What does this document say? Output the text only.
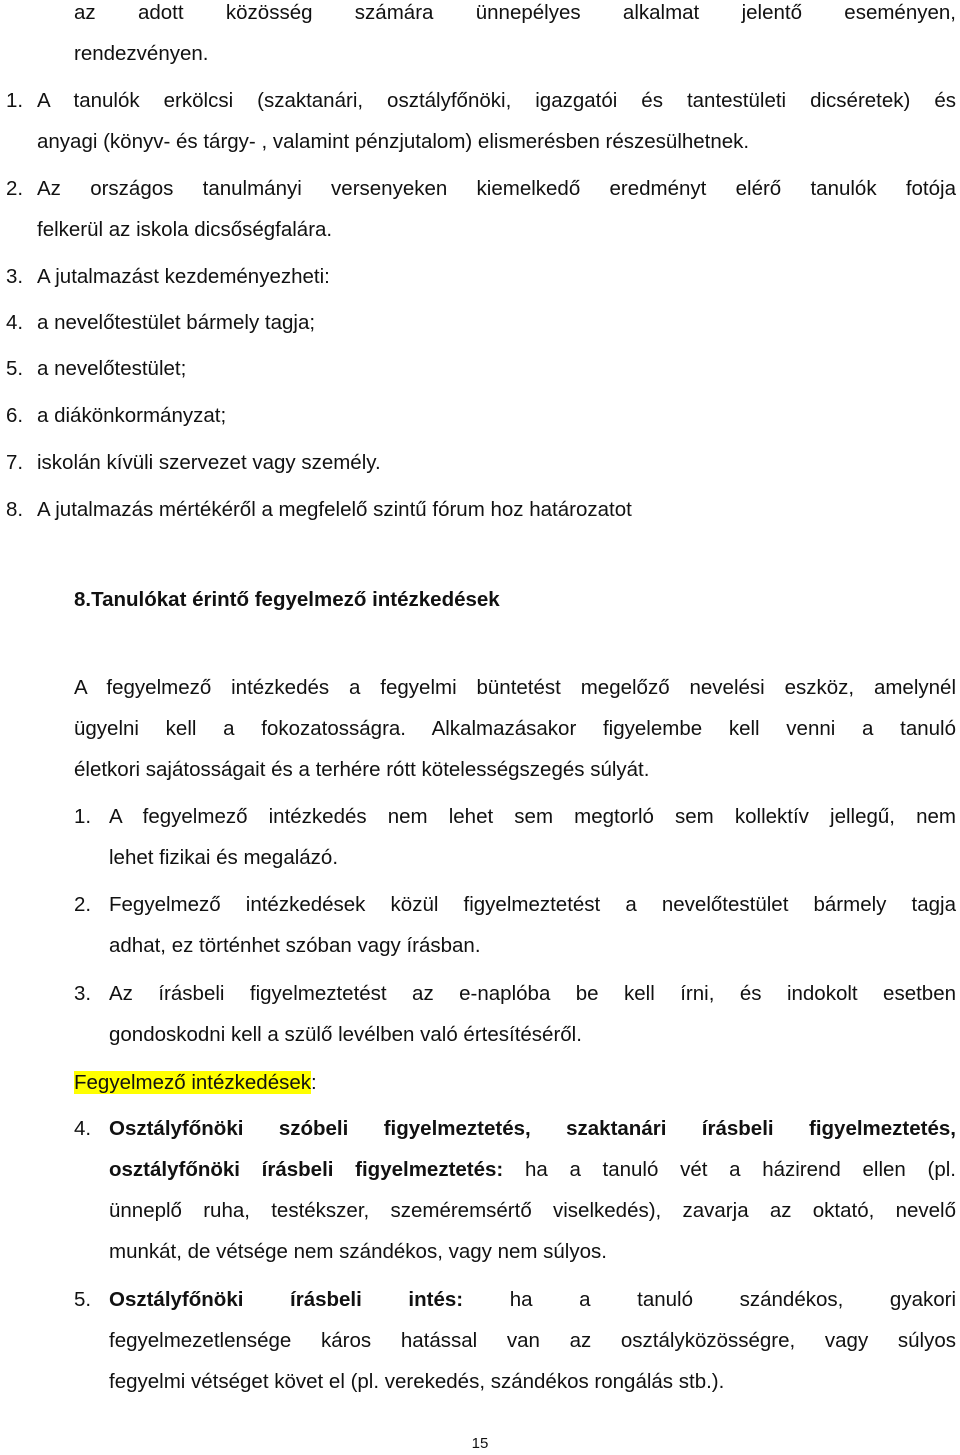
az adott közösség számára ünnepélyes alkalmat jelentő eseményen,
rendezvényen.
1. A tanulók erkölcsi (szaktanári, osztályfőnöki, igazgatói és tantestületi dicséretek) és
anyagi (könyv- és tárgy- , valamint pénzjutalom) elismerésben részesülhetnek.
2. Az országos tanulmányi versenyeken kiemelkedő eredményt elérő tanulók fotója
felkerül az iskola dicsőségfalára.
3. A jutalmazást kezdeményezheti:
4. a nevelőtestület bármely tagja;
5. a nevelőtestület;
6. a diákönkormányzat;
7. iskolán kívüli szervezet vagy személy.
8. A jutalmazás mértékéről a megfelelő szintű fórum hoz határozatot
8.Tanulókat érintő fegyelmező intézkedések
A fegyelmező intézkedés a fegyelmi büntetést megelőző nevelési eszköz, amelynél
ügyelni kell a fokozatosságra. Alkalmazásakor figyelembe kell venni a tanuló
életkori sajátosságait és a terhére rótt kötelességszegés súlyát.
1. A fegyelmező intézkedés nem lehet sem megtorló sem kollektív jellegű, nem
lehet fizikai és megalázó.
2. Fegyelmező intézkedések közül figyelmeztetést a nevelőtestület bármely tagja
adhat, ez történhet szóban vagy írásban.
3. Az írásbeli figyelmeztetést az e-naplóba be kell írni, és indokolt esetben
gondoskodni kell a szülő levélben való értesítéséről.
Fegyelmező intézkedések:
4. Osztályfőnöki szóbeli figyelmeztetés, szaktanári írásbeli figyelmeztetés,
osztályfőnöki írásbeli figyelmeztetés: ha a tanuló vét a házirend ellen (pl.
ünneplő ruha, testékszer, szeméremsértő viselkedés), zavarja az oktató, nevelő
munkát, de vétsége nem szándékos, vagy nem súlyos.
5. Osztályfőnöki írásbeli intés: ha a tanuló szándékos, gyakori
fegyelmezetlensége káros hatással van az osztályközösségre, vagy súlyos
fegyelmi vétséget követ el (pl. verekedés, szándékos rongálás stb.).
15
